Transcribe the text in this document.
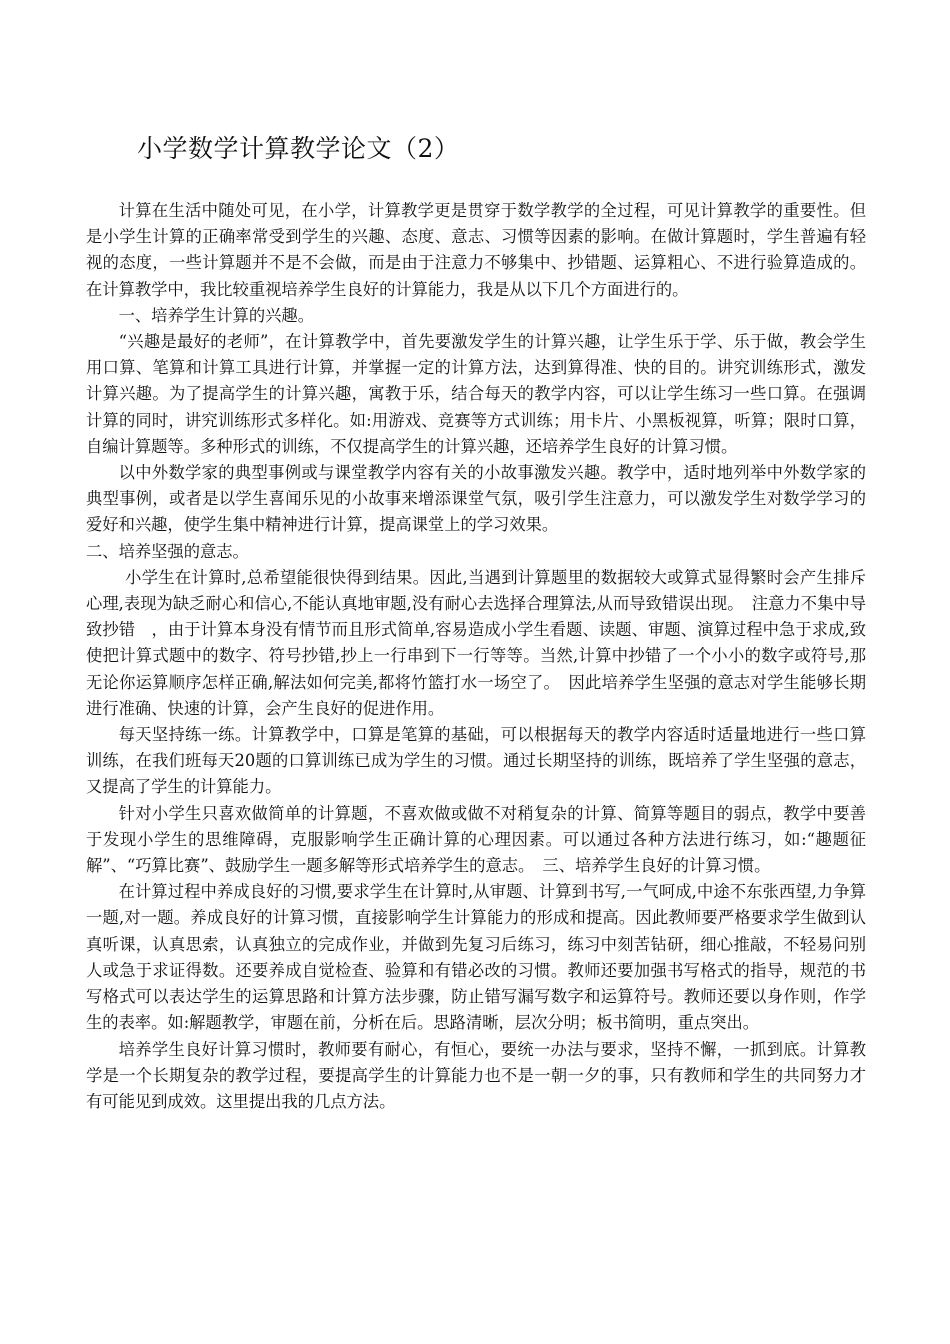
小学数学计算教学论文（2）

计算在生活中随处可见，在小学，计算教学更是贯穿于数学教学的全过程，可见计算教学的重要性。但是小学生计算的正确率常受到学生的兴趣、态度、意志、习惯等因素的影响。在做计算题时，学生普遍有轻视的态度，一些计算题并不是不会做，而是由于注意力不够集中、抄错题、运算粗心、不进行验算造成的。在计算教学中，我比较重视培养学生良好的计算能力，我是从以下几个方面进行的。

一、培养学生计算的兴趣。

“兴趣是最好的老师”，在计算教学中，首先要激发学生的计算兴趣，让学生乐于学、乐于做，教会学生用口算、笔算和计算工具进行计算，并掌握一定的计算方法，达到算得准、快的目的。讲究训练形式，激发计算兴趣。为了提高学生的计算兴趣，寓教于乐，结合每天的教学内容，可以让学生练习一些口算。在强调计算的同时，讲究训练形式多样化。如:用游戏、竞赛等方式训练；用卡片、小黑板视算，听算；限时口算，自编计算题等。多种形式的训练，不仅提高学生的计算兴趣，还培养学生良好的计算习惯。

以中外数学家的典型事例或与课堂教学内容有关的小故事激发兴趣。教学中，适时地列举中外数学家的典型事例，或者是以学生喜闻乐见的小故事来增添课堂气氛，吸引学生注意力，可以激发学生对数学学习的爱好和兴趣，使学生集中精神进行计算，提高课堂上的学习效果。

二、培养坚强的意志。

小学生在计算时,总希望能很快得到结果。因此,当遇到计算题里的数据较大或算式显得繁时会产生排斥心理,表现为缺乏耐心和信心,不能认真地审题,没有耐心去选择合理算法,从而导致错误出现。　注意力不集中导致抄错　，由于计算本身没有情节而且形式简单,容易造成小学生看题、读题、审题、演算过程中急于求成,致使把计算式题中的数字、符号抄错,抄上一行串到下一行等等。当然,计算中抄错了一个小小的数字或符号,那无论你运算顺序怎样正确,解法如何完美,都将竹篮打水一场空了。　因此培养学生坚强的意志对学生能够长期进行准确、快速的计算，会产生良好的促进作用。

每天坚持练一练。计算教学中，口算是笔算的基础，可以根据每天的教学内容适时适量地进行一些口算训练，在我们班每天20题的口算训练已成为学生的习惯。通过长期坚持的训练，既培养了学生坚强的意志，又提高了学生的计算能力。

针对小学生只喜欢做简单的计算题，不喜欢做或做不对稍复杂的计算、简算等题目的弱点，教学中要善于发现小学生的思维障碍，克服影响学生正确计算的心理因素。可以通过各种方法进行练习，如:“趣题征解”、“巧算比赛”、鼓励学生一题多解等形式培养学生的意志。　三、培养学生良好的计算习惯。

在计算过程中养成良好的习惯,要求学生在计算时,从审题、计算到书写,一气呵成,中途不东张西望,力争算一题,对一题。养成良好的计算习惯，直接影响学生计算能力的形成和提高。因此教师要严格要求学生做到认真听课，认真思索，认真独立的完成作业，并做到先复习后练习，练习中刻苦钻研，细心推敲，不轻易问别人或急于求证得数。还要养成自觉检查、验算和有错必改的习惯。教师还要加强书写格式的指导，规范的书写格式可以表达学生的运算思路和计算方法步骤，防止错写漏写数字和运算符号。教师还要以身作则，作学生的表率。如:解题教学，审题在前，分析在后。思路清晰，层次分明；板书简明，重点突出。

培养学生良好计算习惯时，教师要有耐心，有恒心，要统一办法与要求，坚持不懈，一抓到底。计算教学是一个长期复杂的教学过程，要提高学生的计算能力也不是一朝一夕的事，只有教师和学生的共同努力才有可能见到成效。这里提出我的几点方法。
